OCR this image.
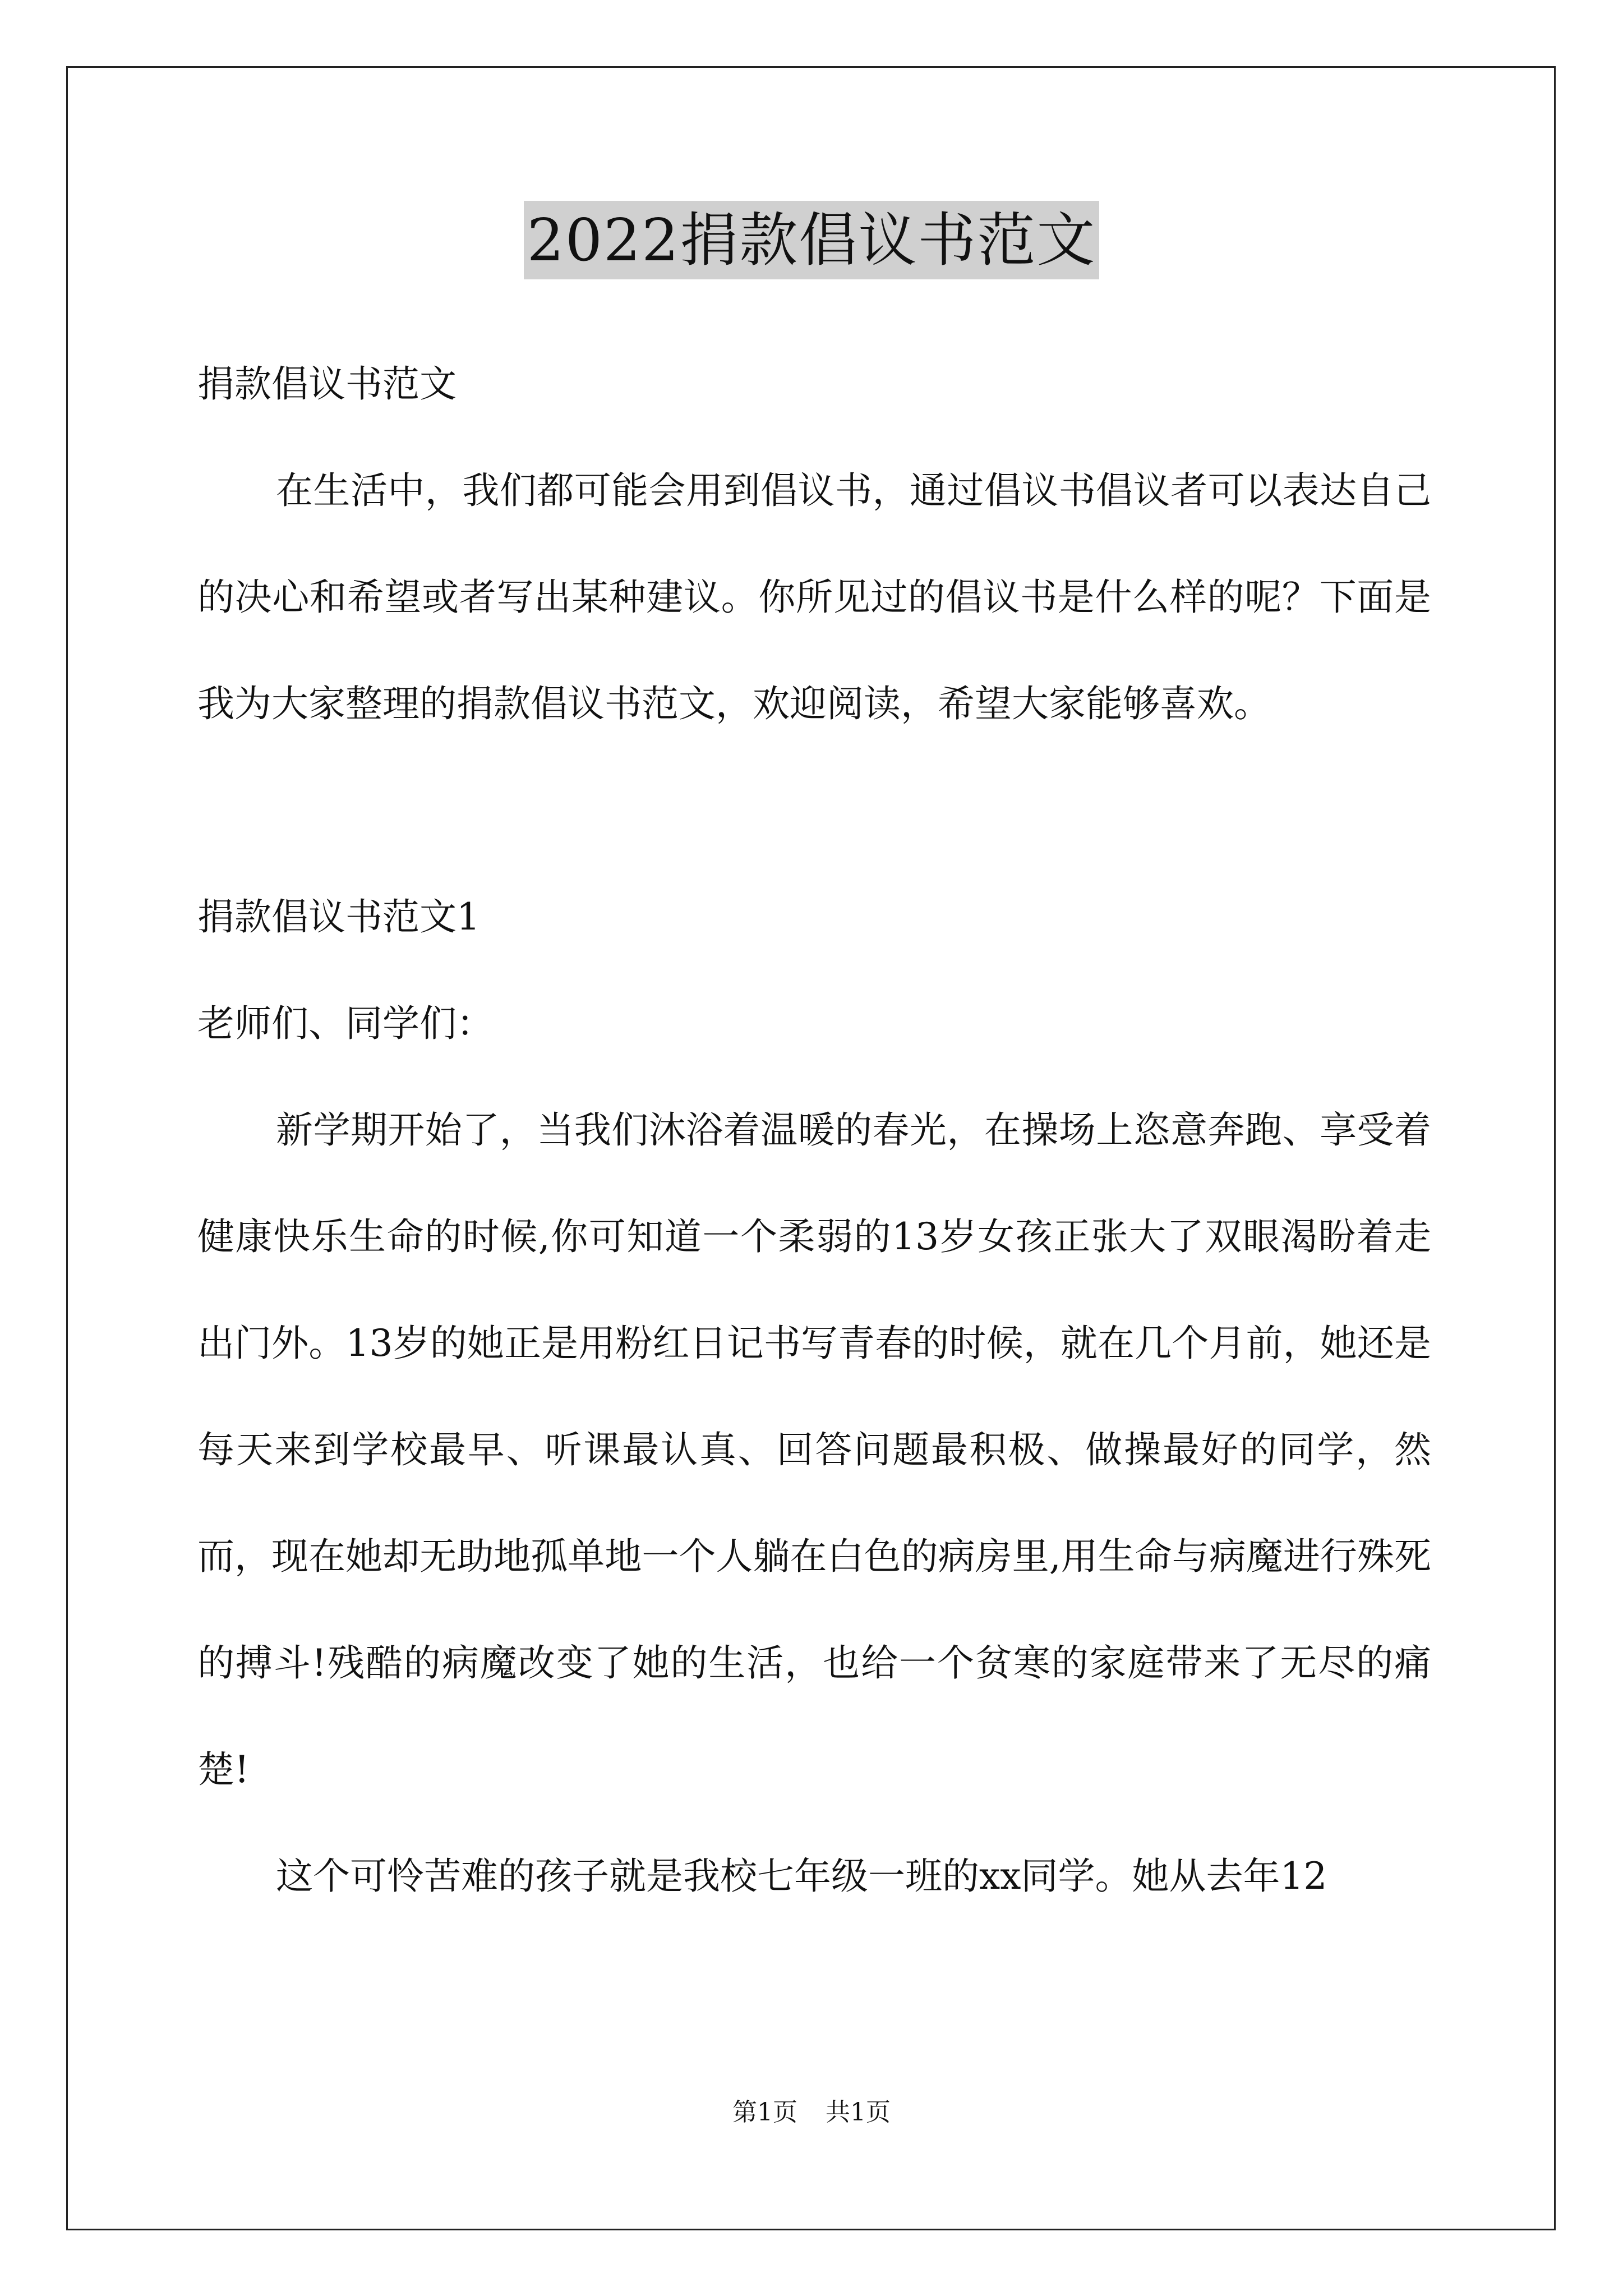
2022捐款倡议书范文

捐款倡议书范文

在生活中，我们都可能会用到倡议书，通过倡议书倡议者可以表达自己的决心和希望或者写出某种建议。你所见过的倡议书是什么样的呢？下面是我为大家整理的捐款倡议书范文，欢迎阅读，希望大家能够喜欢。

捐款倡议书范文1

老师们、同学们：

新学期开始了，当我们沐浴着温暖的春光，在操场上恣意奔跑、享受着健康快乐生命的时候,你可知道一个柔弱的13岁女孩正张大了双眼渴盼着走出门外。13岁的她正是用粉红日记书写青春的时候，就在几个月前，她还是每天来到学校最早、听课最认真、回答问题最积极、做操最好的同学，然而，现在她却无助地孤单地一个人躺在白色的病房里,用生命与病魔进行殊死的搏斗!残酷的病魔改变了她的生活，也给一个贫寒的家庭带来了无尽的痛楚!

这个可怜苦难的孩子就是我校七年级一班的xx同学。她从去年12

第1页 共1页
